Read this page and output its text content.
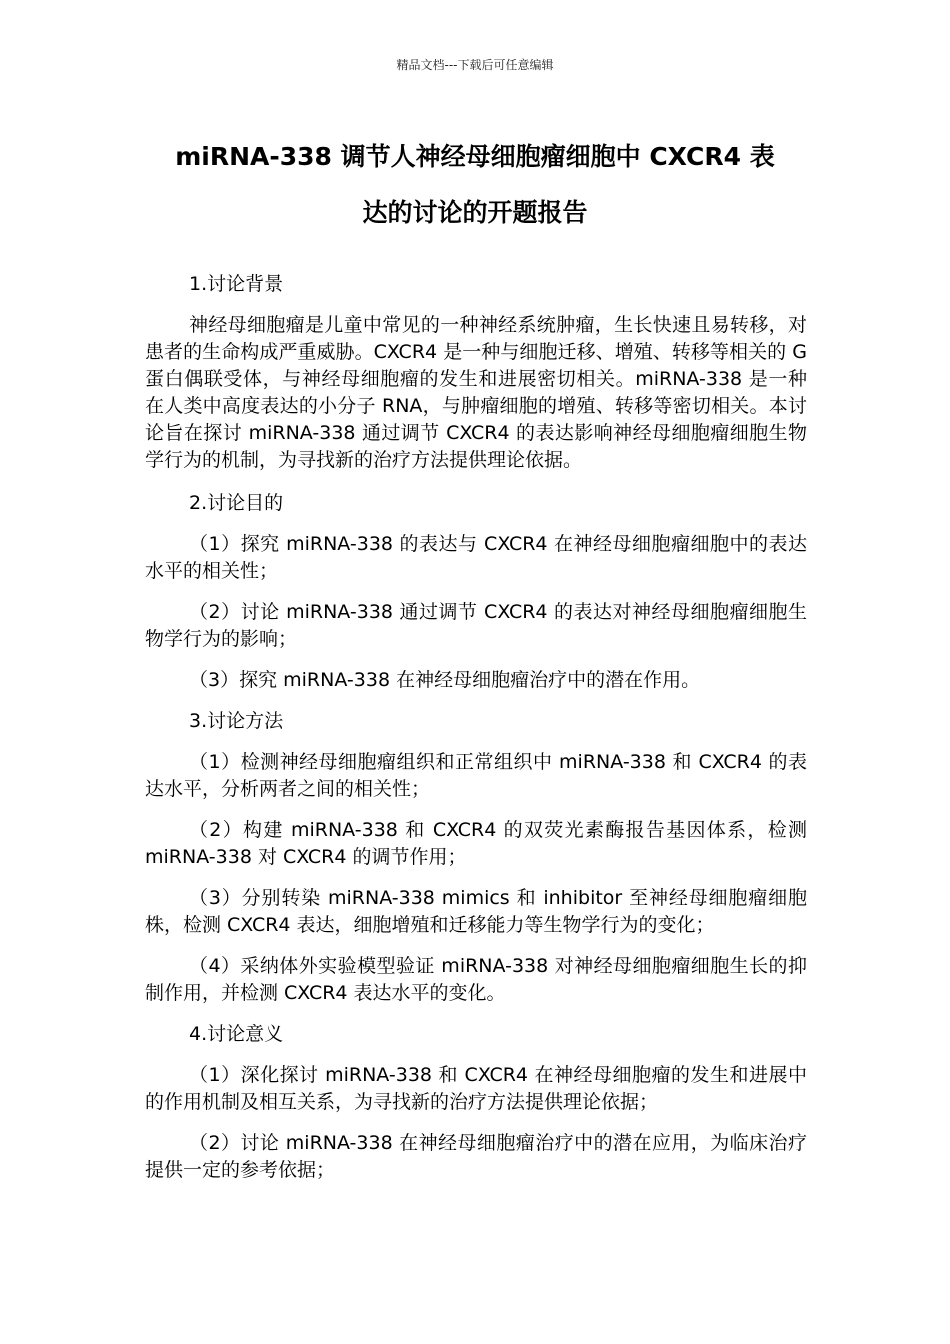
精品文档---下载后可任意编辑
miRNA-338 调节人神经母细胞瘤细胞中 CXCR4 表
达的讨论的开题报告

1.讨论背景

神经母细胞瘤是儿童中常见的一种神经系统肿瘤，生长快速且易转移，对患者的生命构成严重威胁。CXCR4 是一种与细胞迁移、增殖、转移等相关的 G 蛋白偶联受体，与神经母细胞瘤的发生和进展密切相关。miRNA-338 是一种在人类中高度表达的小分子 RNA，与肿瘤细胞的增殖、转移等密切相关。本讨论旨在探讨 miRNA-338 通过调节 CXCR4 的表达影响神经母细胞瘤细胞生物学行为的机制，为寻找新的治疗方法提供理论依据。

2.讨论目的

（1）探究 miRNA-338 的表达与 CXCR4 在神经母细胞瘤细胞中的表达水平的相关性；

（2）讨论 miRNA-338 通过调节 CXCR4 的表达对神经母细胞瘤细胞生物学行为的影响；

（3）探究 miRNA-338 在神经母细胞瘤治疗中的潜在作用。

3.讨论方法

（1）检测神经母细胞瘤组织和正常组织中 miRNA-338 和 CXCR4 的表达水平，分析两者之间的相关性；

（2）构建 miRNA-338 和 CXCR4 的双荧光素酶报告基因体系，检测 miRNA-338 对 CXCR4 的调节作用；

（3）分别转染 miRNA-338 mimics 和 inhibitor 至神经母细胞瘤细胞株，检测 CXCR4 表达，细胞增殖和迁移能力等生物学行为的变化；

（4）采纳体外实验模型验证 miRNA-338 对神经母细胞瘤细胞生长的抑制作用，并检测 CXCR4 表达水平的变化。

4.讨论意义

（1）深化探讨 miRNA-338 和 CXCR4 在神经母细胞瘤的发生和进展中的作用机制及相互关系，为寻找新的治疗方法提供理论依据；

（2）讨论 miRNA-338 在神经母细胞瘤治疗中的潜在应用，为临床治疗提供一定的参考依据；
